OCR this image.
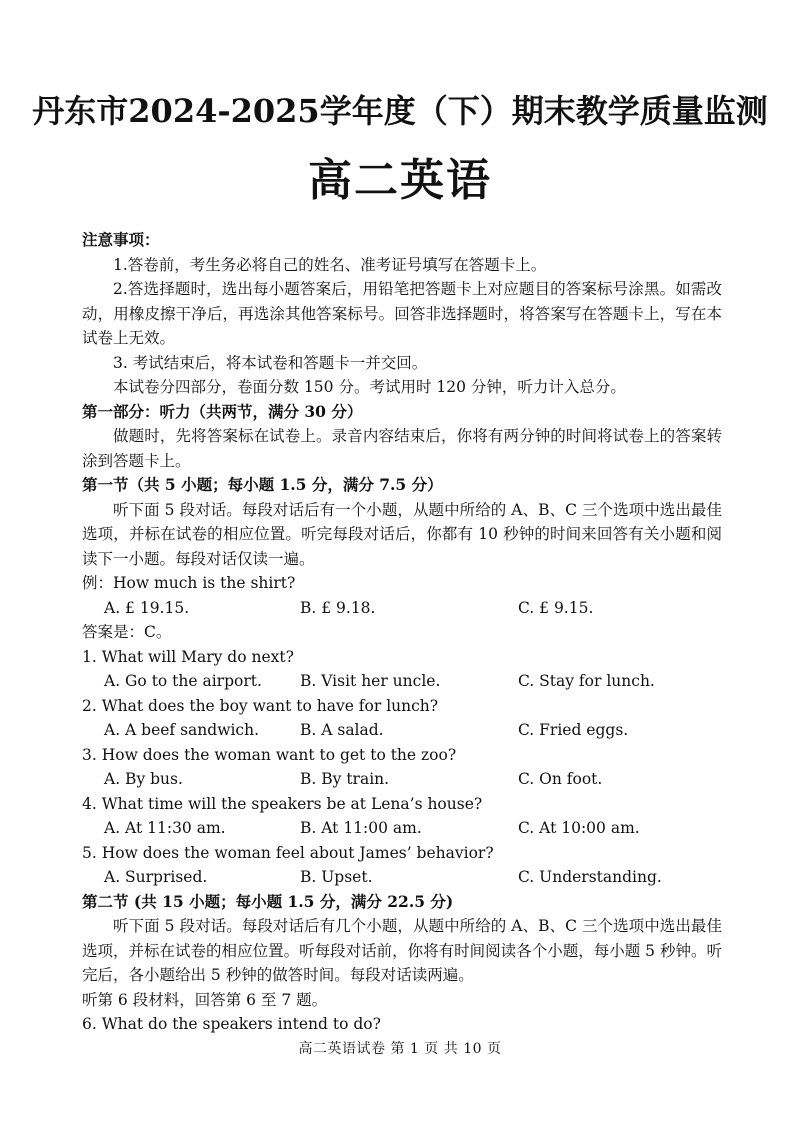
丹东市2024-2025学年度（下）期末教学质量监测
高二英语

注意事项：

1.答卷前，考生务必将自己的姓名、准考证号填写在答题卡上。

2.答选择题时，选出每小题答案后，用铅笔把答题卡上对应题目的答案标号涂黑。如需改动，用橡皮擦干净后，再选涂其他答案标号。回答非选择题时，将答案写在答题卡上，写在本试卷上无效。

3. 考试结束后，将本试卷和答题卡一并交回。

本试卷分四部分，卷面分数 150 分。考试用时 120 分钟，听力计入总分。

第一部分：听力（共两节，满分 30 分）

做题时，先将答案标在试卷上。录音内容结束后，你将有两分钟的时间将试卷上的答案转涂到答题卡上。

第一节（共 5 小题；每小题 1.5 分，满分 7.5 分）

听下面 5 段对话。每段对话后有一个小题，从题中所给的 A、B、C 三个选项中选出最佳选项，并标在试卷的相应位置。听完每段对话后，你都有 10 秒钟的时间来回答有关小题和阅读下一小题。每段对话仅读一遍。

例：How much is the shirt?

A. £ 19.15.	B. £ 9.18.	C. £ 9.15.

答案是：C。

1. What will Mary do next?

A. Go to the airport.	B. Visit her uncle.	C. Stay for lunch.

2. What does the boy want to have for lunch?

A. A beef sandwich.	B. A salad.	C. Fried eggs.

3. How does the woman want to get to the zoo?

A. By bus.	B. By train.	C. On foot.

4. What time will the speakers be at Lena’s house?

A. At 11:30 am.	B. At 11:00 am.	C. At 10:00 am.

5. How does the woman feel about James’ behavior?

A. Surprised.	B. Upset.	C. Understanding.

第二节 (共 15 小题；每小题 1.5 分，满分 22.5 分)

听下面 5 段对话。每段对话后有几个小题，从题中所给的 A、B、C 三个选项中选出最佳选项，并标在试卷的相应位置。听每段对话前，你将有时间阅读各个小题，每小题 5 秒钟。听完后，各小题给出 5 秒钟的做答时间。每段对话读两遍。

听第 6 段材料，回答第 6 至 7 题。

6. What do the speakers intend to do?

高二英语试卷 第 1 页 共 10 页
